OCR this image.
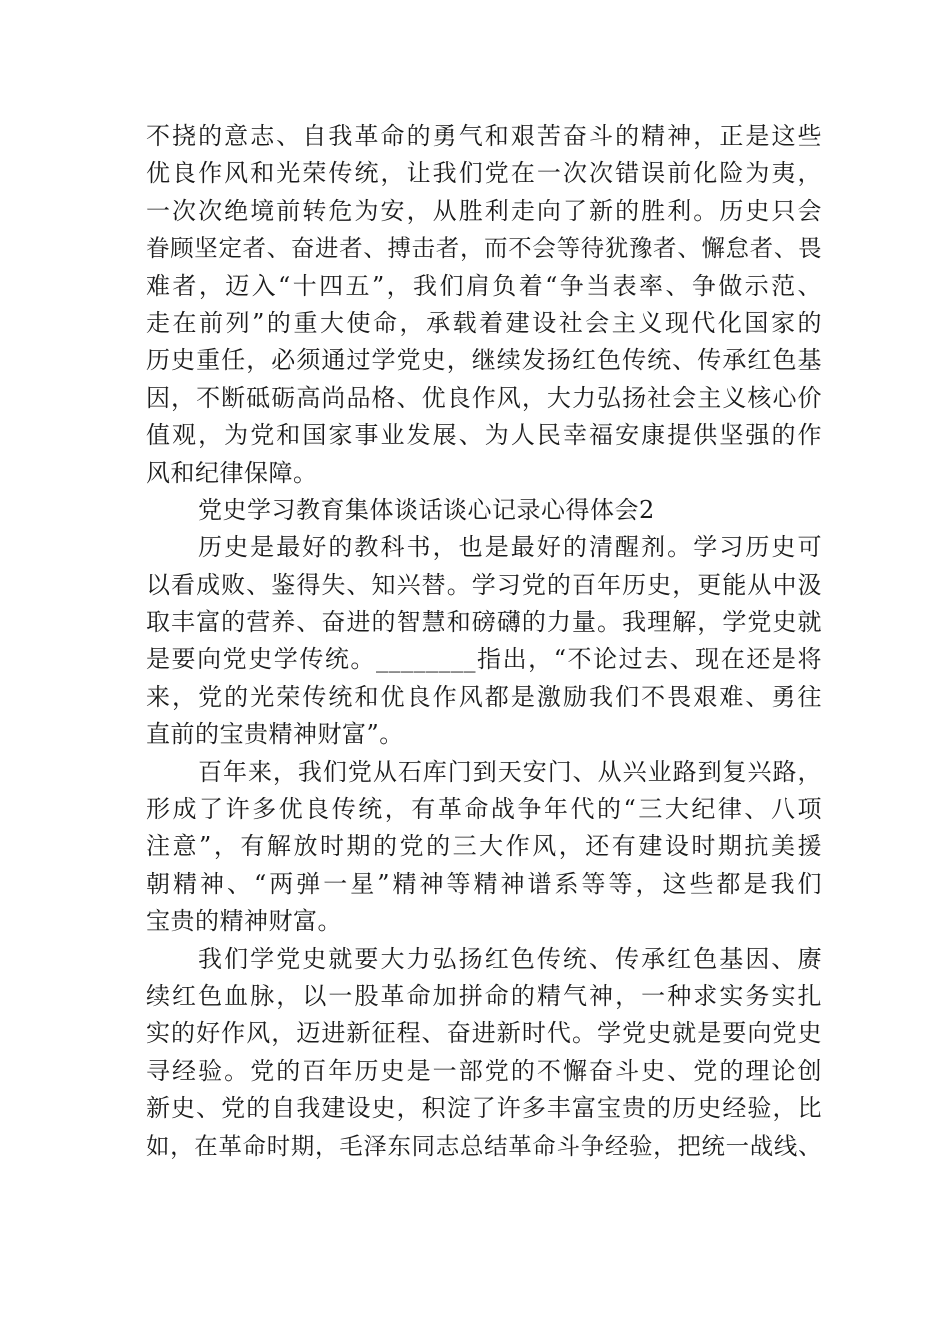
不挠的意志、自我革命的勇气和艰苦奋斗的精神，正是这些
优良作风和光荣传统，让我们党在一次次错误前化险为夷，
一次次绝境前转危为安，从胜利走向了新的胜利。历史只会
眷顾坚定者、奋进者、搏击者，而不会等待犹豫者、懈怠者、畏
难者，迈入“十四五”，我们肩负着“争当表率、争做示范、
走在前列”的重大使命，承载着建设社会主义现代化国家的
历史重任，必须通过学党史，继续发扬红色传统、传承红色基
因，不断砥砺高尚品格、优良作风，大力弘扬社会主义核心价
值观，为党和国家事业发展、为人民幸福安康提供坚强的作
风和纪律保障。
党史学习教育集体谈话谈心记录心得体会2
历史是最好的教科书，也是最好的清醒剂。学习历史可
以看成败、鉴得失、知兴替。学习党的百年历史，更能从中汲
取丰富的营养、奋进的智慧和磅礴的力量。我理解，学党史就
是要向党史学传统。________指出，“不论过去、现在还是将
来，党的光荣传统和优良作风都是激励我们不畏艰难、勇往
直前的宝贵精神财富”。
百年来，我们党从石库门到天安门、从兴业路到复兴路，
形成了许多优良传统，有革命战争年代的“三大纪律、八项
注意”，有解放时期的党的三大作风，还有建设时期抗美援
朝精神、“两弹一星”精神等精神谱系等等，这些都是我们
宝贵的精神财富。
我们学党史就要大力弘扬红色传统、传承红色基因、赓
续红色血脉，以一股革命加拼命的精气神，一种求实务实扎
实的好作风，迈进新征程、奋进新时代。学党史就是要向党史
寻经验。党的百年历史是一部党的不懈奋斗史、党的理论创
新史、党的自我建设史，积淀了许多丰富宝贵的历史经验，比
如，在革命时期，毛泽东同志总结革命斗争经验，把统一战线、
